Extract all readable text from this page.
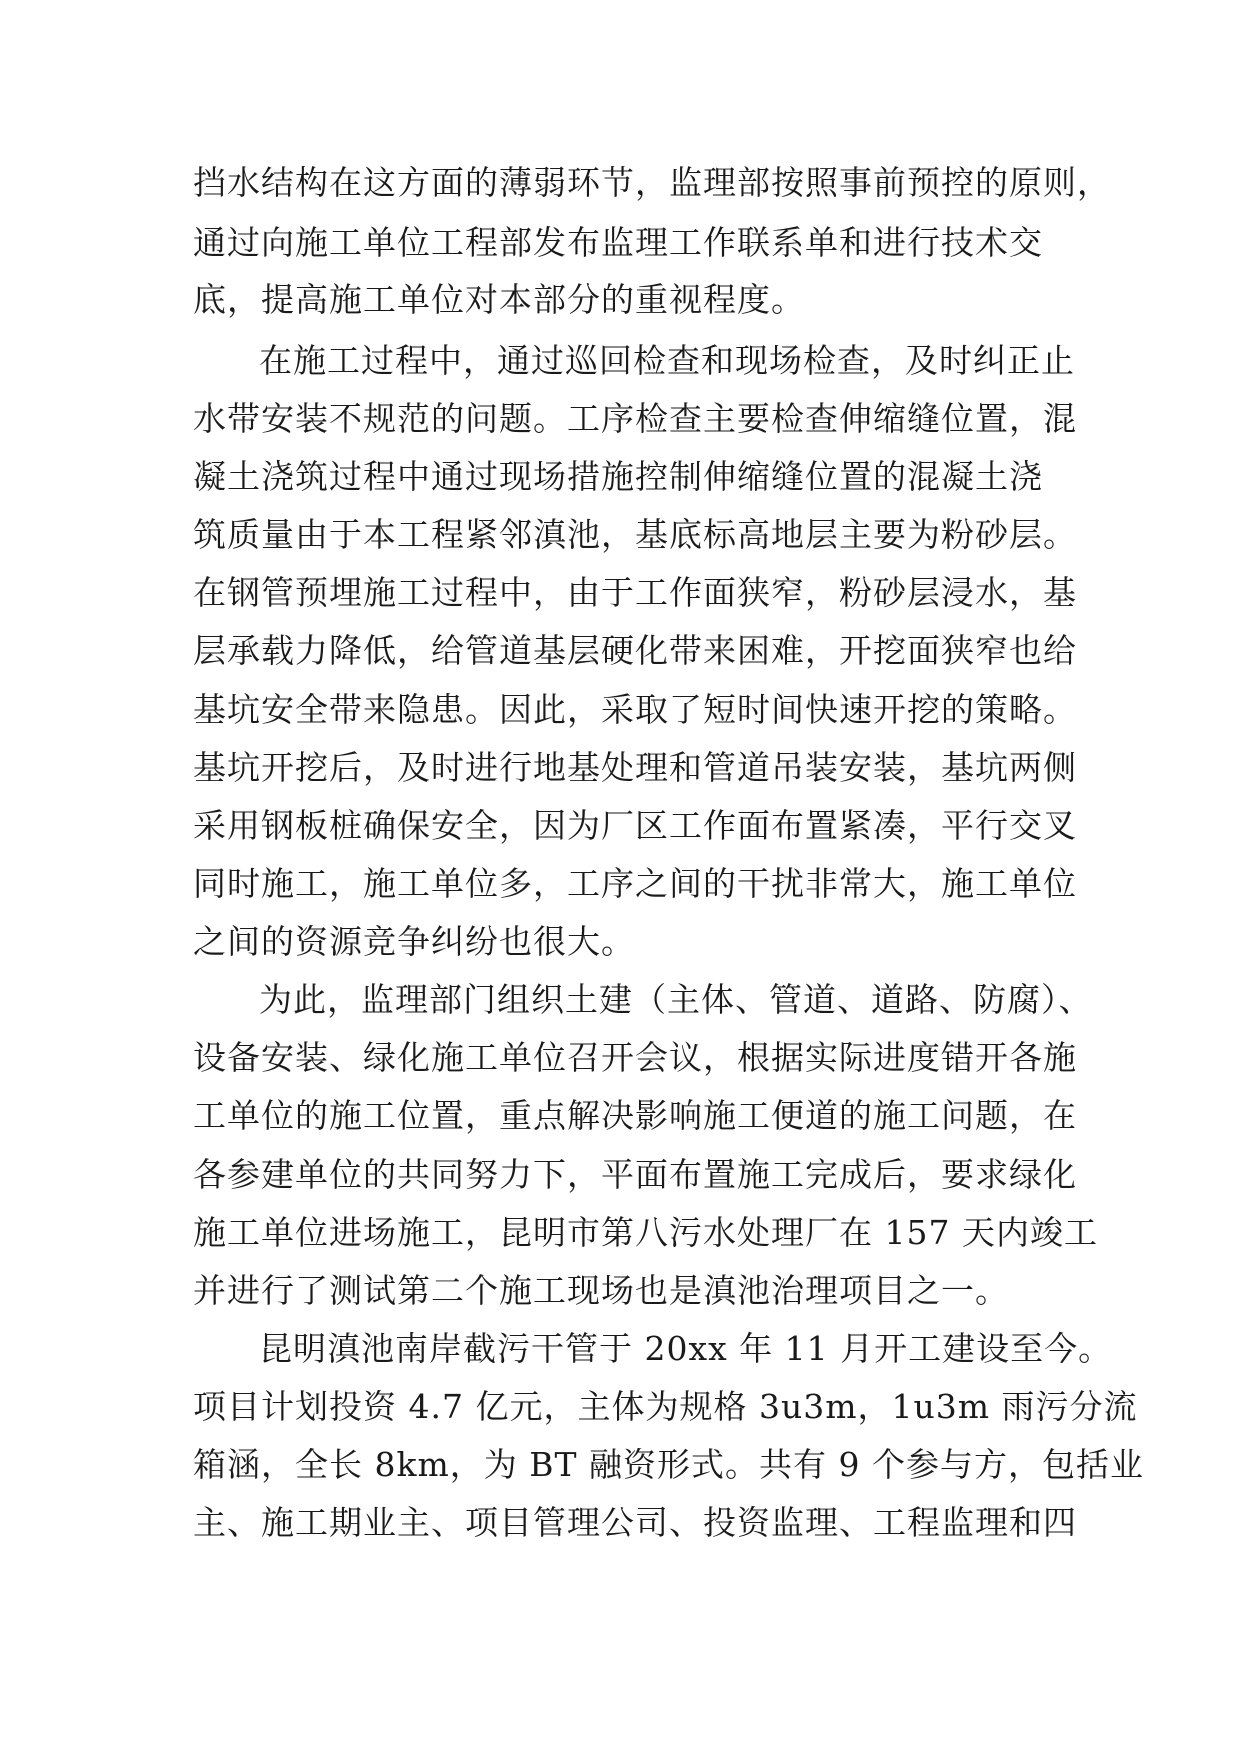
挡水结构在这方面的薄弱环节，监理部按照事前预控的原则，
通过向施工单位工程部发布监理工作联系单和进行技术交
底，提高施工单位对本部分的重视程度。
在施工过程中，通过巡回检查和现场检查，及时纠正止
水带安装不规范的问题。工序检查主要检查伸缩缝位置，混
凝土浇筑过程中通过现场措施控制伸缩缝位置的混凝土浇
筑质量由于本工程紧邻滇池，基底标高地层主要为粉砂层。
在钢管预埋施工过程中，由于工作面狭窄，粉砂层浸水，基
层承载力降低，给管道基层硬化带来困难，开挖面狭窄也给
基坑安全带来隐患。因此，采取了短时间快速开挖的策略。
基坑开挖后，及时进行地基处理和管道吊装安装，基坑两侧
采用钢板桩确保安全，因为厂区工作面布置紧凑，平行交叉
同时施工，施工单位多，工序之间的干扰非常大，施工单位
之间的资源竞争纠纷也很大。
为此，监理部门组织土建（主体、管道、道路、防腐）、
设备安装、绿化施工单位召开会议，根据实际进度错开各施
工单位的施工位置，重点解决影响施工便道的施工问题，在
各参建单位的共同努力下，平面布置施工完成后，要求绿化
施工单位进场施工，昆明市第八污水处理厂在 157 天内竣工
并进行了测试第二个施工现场也是滇池治理项目之一。
昆明滇池南岸截污干管于 20xx 年 11 月开工建设至今。
项目计划投资 4.7 亿元，主体为规格 3u3m，1u3m 雨污分流
箱涵，全长 8km，为 BT 融资形式。共有 9 个参与方，包括业
主、施工期业主、项目管理公司、投资监理、工程监理和四
